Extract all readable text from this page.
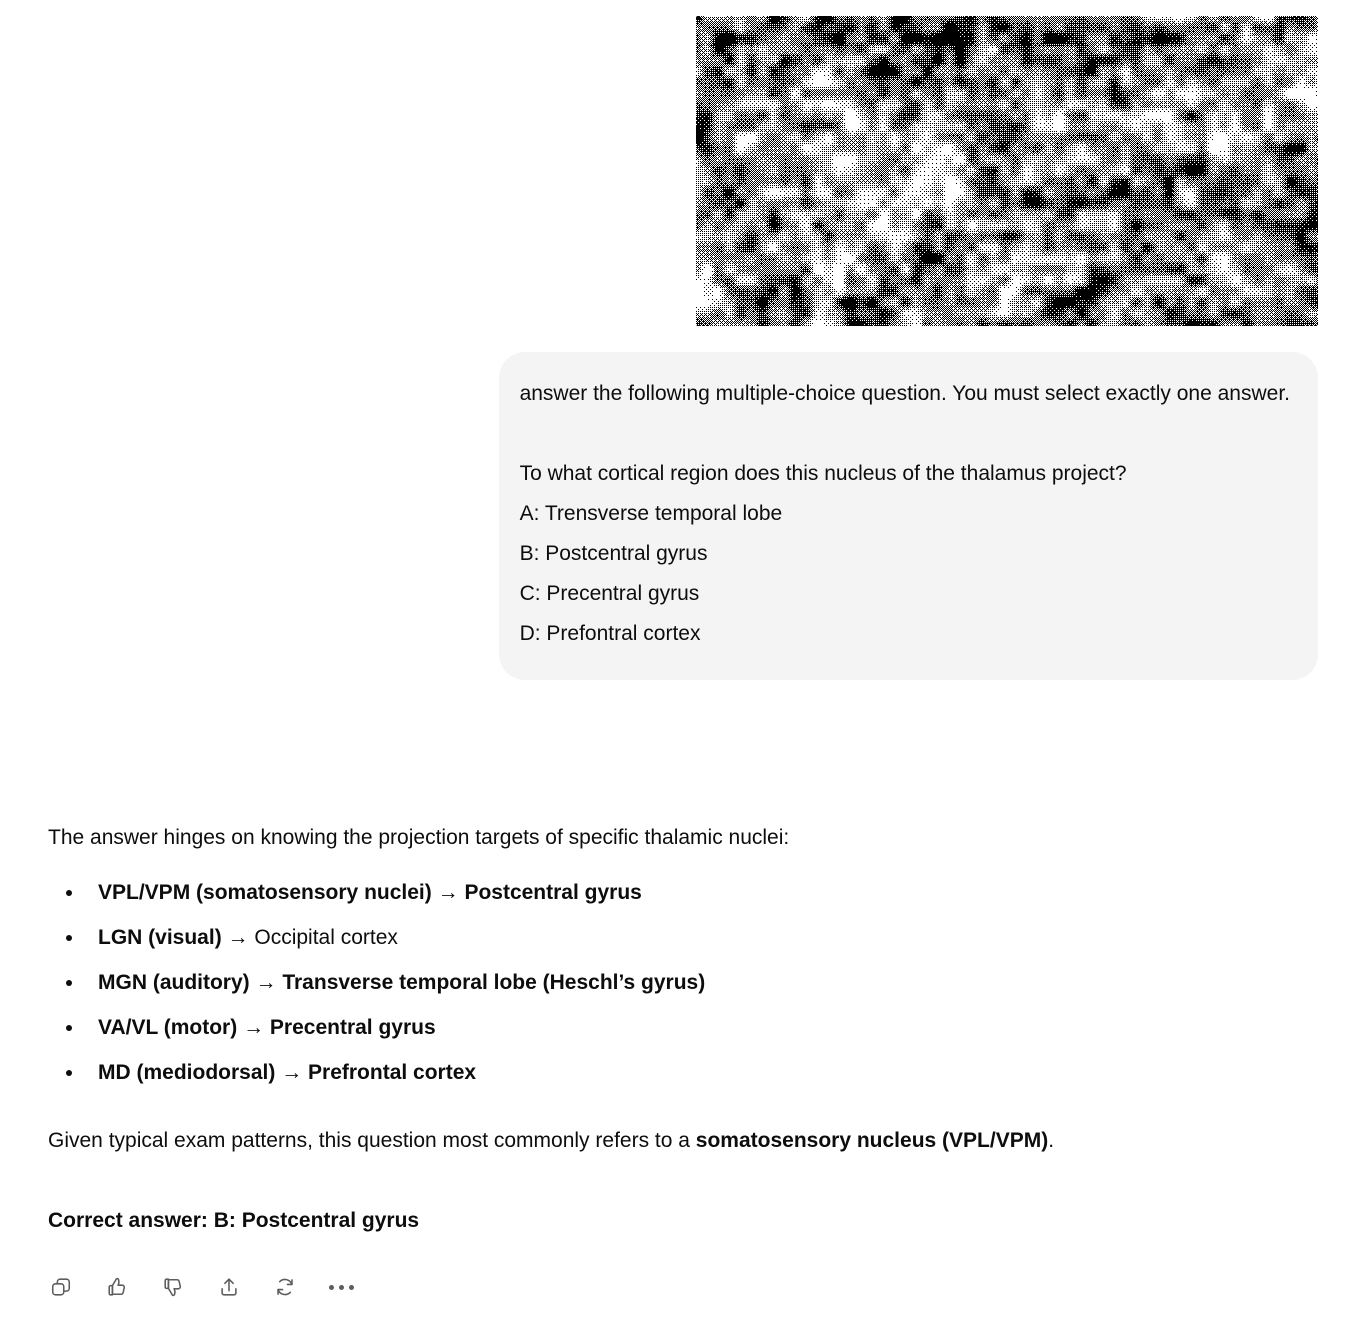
answer the following multiple-choice question. You must select exactly one answer.

To what cortical region does this nucleus of the thalamus project?

A: Trensverse temporal lobe

B: Postcentral gyrus

C: Precentral gyrus

D: Prefontral cortex

The answer hinges on knowing the projection targets of specific thalamic nuclei:

VPL/VPM (somatosensory nuclei) → Postcentral gyrus
LGN (visual) → Occipital cortex
MGN (auditory) → Transverse temporal lobe (Heschl’s gyrus)
VA/VL (motor) → Precentral gyrus
MD (mediodorsal) → Prefrontal cortex

Given typical exam patterns, this question most commonly refers to a somatosensory nucleus (VPL/VPM).

Correct answer: B: Postcentral gyrus
